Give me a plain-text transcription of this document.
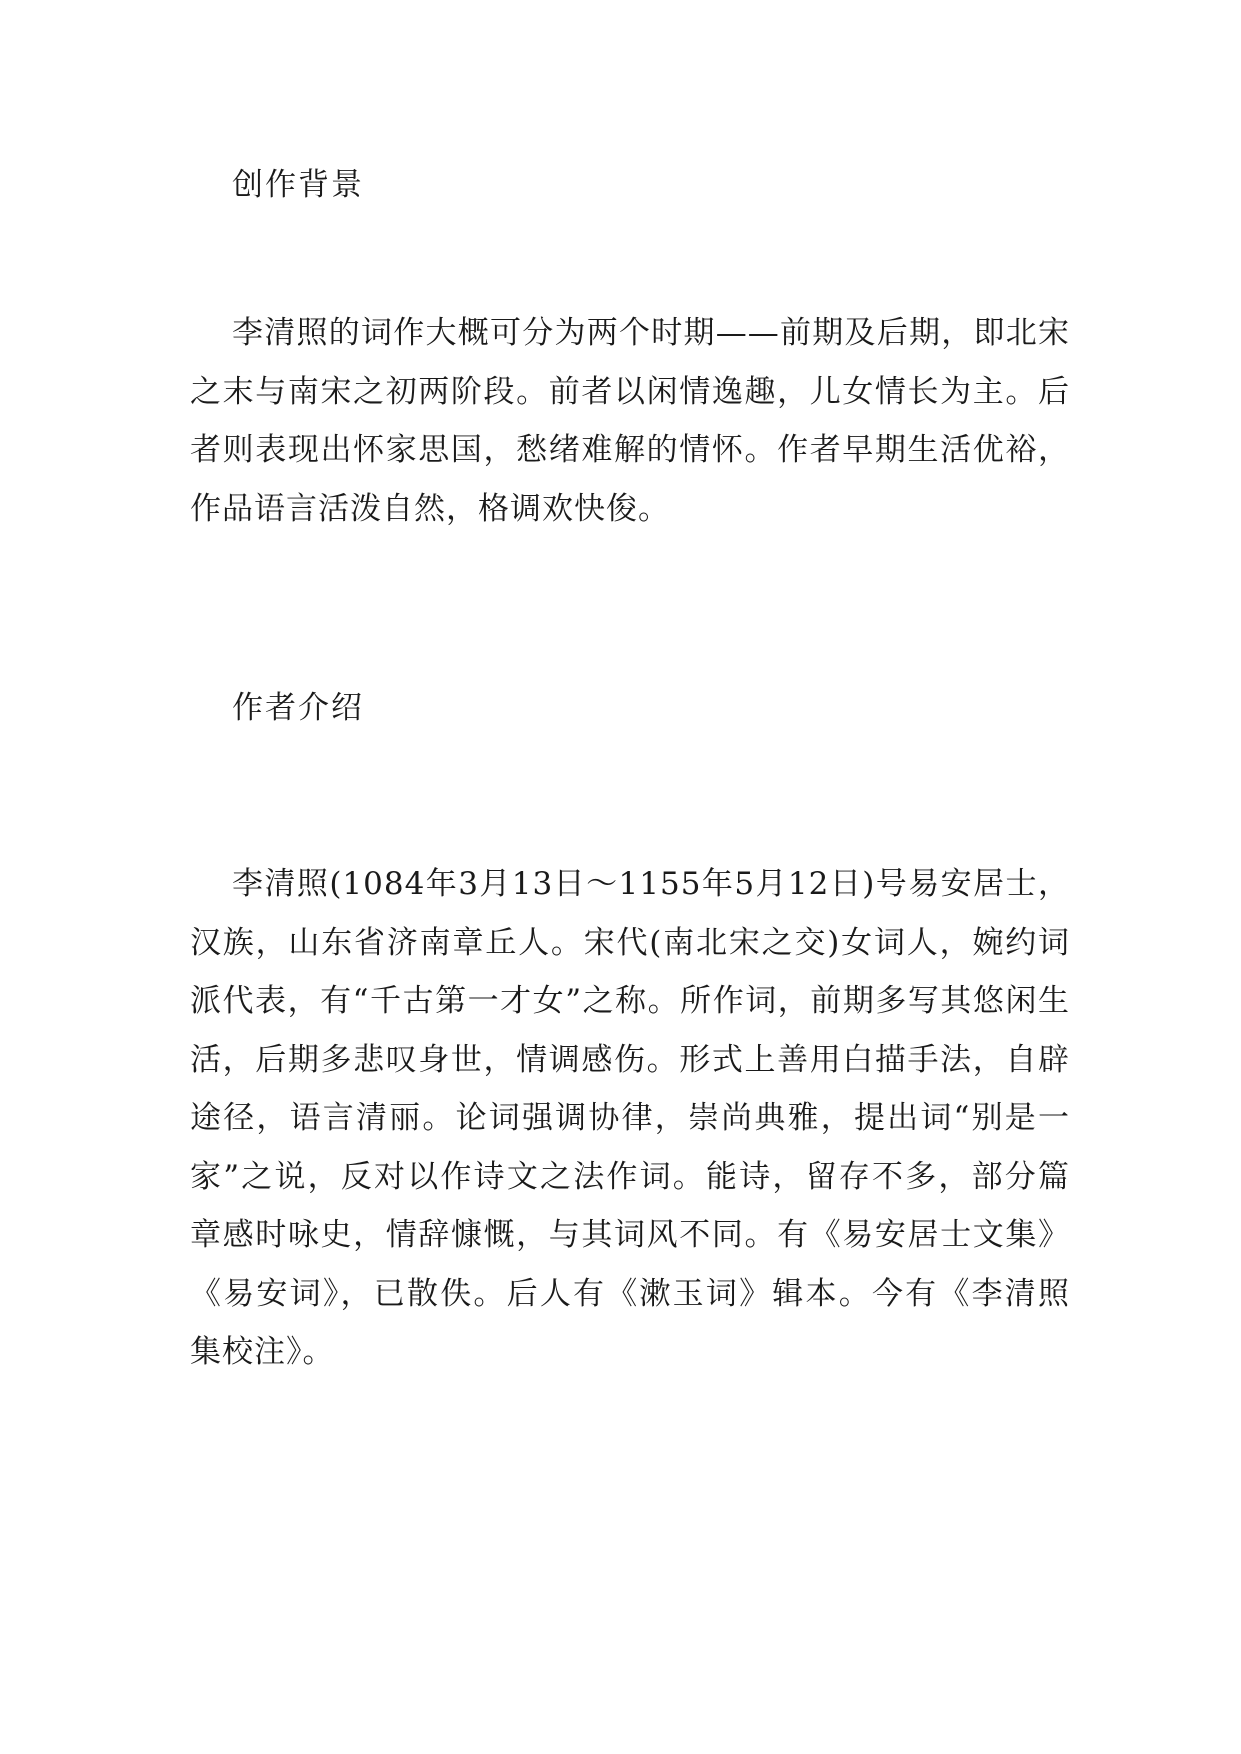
创作背景

李清照的词作大概可分为两个时期——前期及后期，即北宋之末与南宋之初两阶段。前者以闲情逸趣，儿女情长为主。后者则表现出怀家思国，愁绪难解的情怀。作者早期生活优裕，作品语言活泼自然，格调欢快俊。

作者介绍

李清照(1084年3月13日～1155年5月12日)号易安居士，汉族，山东省济南章丘人。宋代(南北宋之交)女词人，婉约词派代表，有“千古第一才女”之称。所作词，前期多写其悠闲生活，后期多悲叹身世，情调感伤。形式上善用白描手法，自辟途径，语言清丽。论词强调协律，崇尚典雅，提出词“别是一家”之说，反对以作诗文之法作词。能诗，留存不多，部分篇章感时咏史，情辞慷慨，与其词风不同。有《易安居士文集》《易安词》，已散佚。后人有《漱玉词》辑本。今有《李清照集校注》。
